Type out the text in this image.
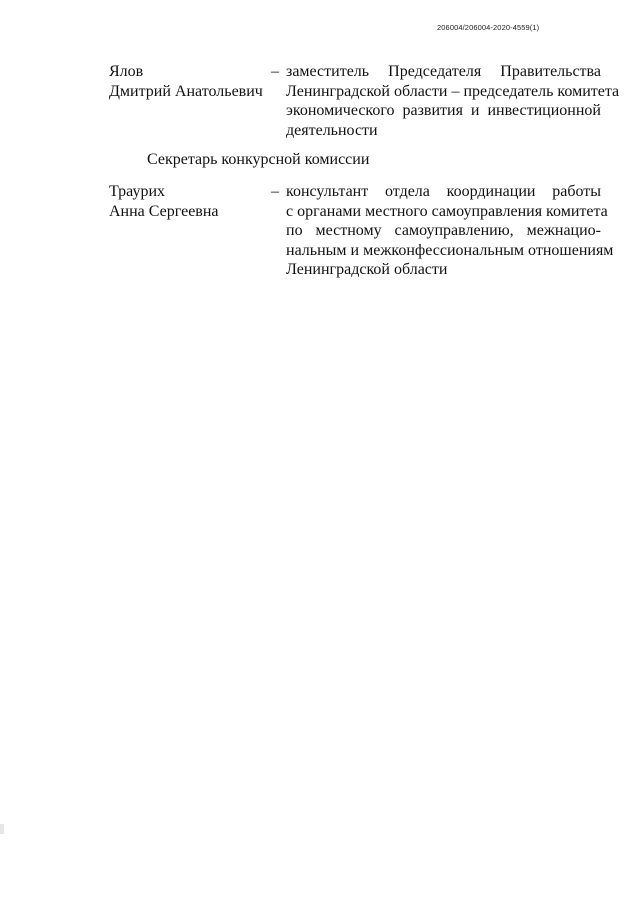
206004/206004-2020-4559(1)
Ялов
Дмитрий Анатольевич
– заместитель Председателя Правительства
Ленинградской области – председатель комитета
экономического развития и инвестиционной
деятельности
Секретарь конкурсной комиссии
Траурих
Анна Сергеевна
– консультант отдела координации работы
с органами местного самоуправления комитета
по местному самоуправлению, межнацио-
нальным и межконфессиональным отношениям
Ленинградской области
